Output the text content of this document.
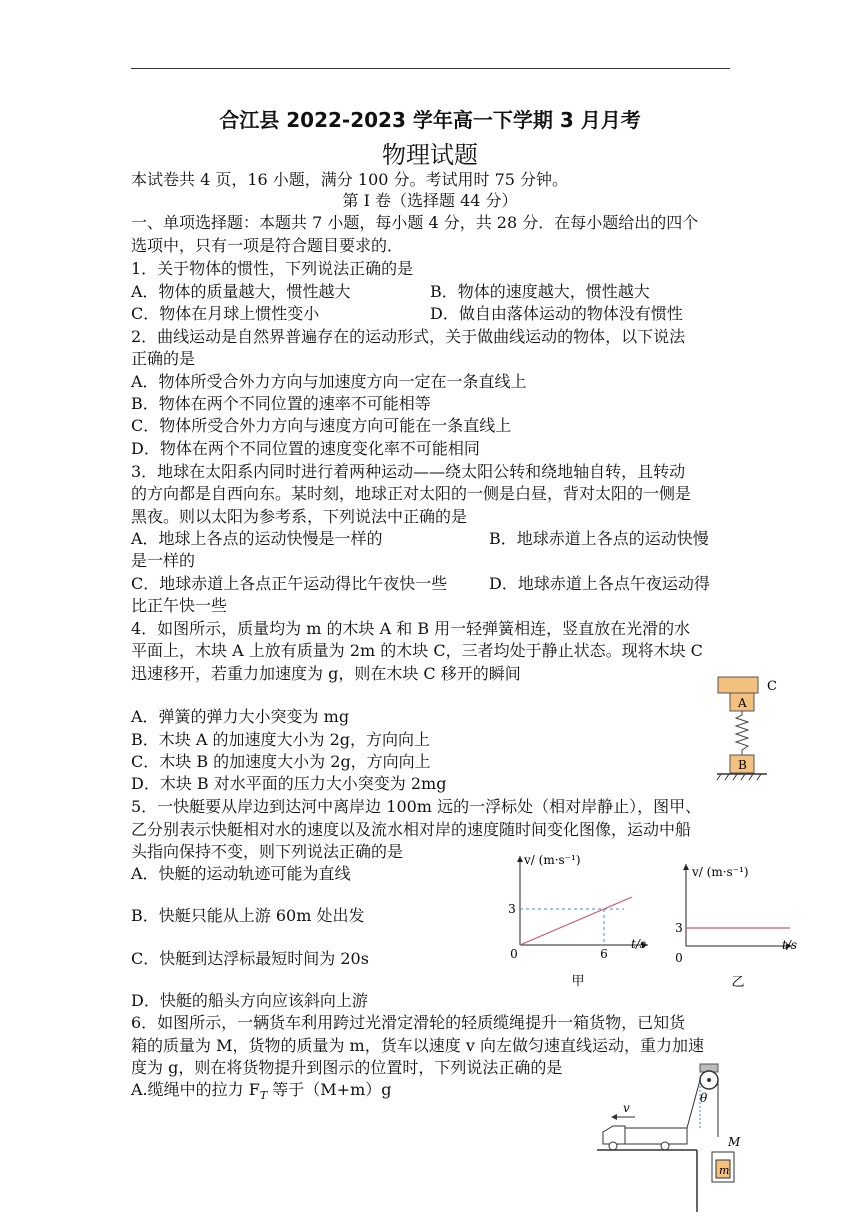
合江县 2022-2023 学年高一下学期 3 月月考
物理试题
本试卷共 4 页，16 小题，满分 100 分。考试用时 75 分钟。
第 I 卷（选择题 44 分）
一、单项选择题：本题共 7 小题，每小题 4 分，共 28 分．在每小题给出的四个
选项中，只有一项是符合题目要求的．
1．关于物体的惯性，下列说法正确的是
A．物体的质量越大，惯性越大	B．物体的速度越大，惯性越大
C．物体在月球上惯性变小	D．做自由落体运动的物体没有惯性
2．曲线运动是自然界普遍存在的运动形式，关于做曲线运动的物体，以下说法
正确的是
A．物体所受合外力方向与加速度方向一定在一条直线上
B．物体在两个不同位置的速率不可能相等
C．物体所受合外力方向与速度方向可能在一条直线上
D．物体在两个不同位置的速度变化率不可能相同
3．地球在太阳系内同时进行着两种运动——绕太阳公转和绕地轴自转，且转动
的方向都是自西向东。某时刻，地球正对太阳的一侧是白昼，背对太阳的一侧是
黑夜。则以太阳为参考系，下列说法中正确的是
A．地球上各点的运动快慢是一样的	B．地球赤道上各点的运动快慢
是一样的
C．地球赤道上各点正午运动得比午夜快一些	D．地球赤道上各点午夜运动得
比正午快一些
4．如图所示，质量均为 m 的木块 A 和 B 用一轻弹簧相连，竖直放在光滑的水
平面上，木块 A 上放有质量为 2m 的木块 C，三者均处于静止状态。现将木块 C
迅速移开，若重力加速度为 g，则在木块 C 移开的瞬间
A．弹簧的弹力大小突变为 mg
B．木块 A 的加速度大小为 2g，方向向上
C．木块 B 的加速度大小为 2g，方向向上
D．木块 B 对水平面的压力大小突变为 2mg
C
A
B
5．一快艇要从岸边到达河中离岸边 100m 远的一浮标处（相对岸静止），图甲、
乙分别表示快艇相对水的速度以及流水相对岸的速度随时间变化图像，运动中船
头指向保持不变，则下列说法正确的是
A．快艇的运动轨迹可能为直线
B．快艇只能从上游 60m 处出发
C．快艇到达浮标最短时间为 20s
D．快艇的船头方向应该斜向上游
v/ (m·s⁻¹)
t/s
0
3
6
甲
v/ (m·s⁻¹)
t/s
0
3
乙
6．如图所示，一辆货车利用跨过光滑定滑轮的轻质缆绳提升一箱货物，已知货
箱的质量为 M，货物的质量为 m，货车以速度 v 向左做匀速直线运动，重力加速
度为 g，则在将货物提升到图示的位置时，下列说法正确的是
A.缆绳中的拉力 $F_T$ 等于（M+m）g	θ
v
M
m
